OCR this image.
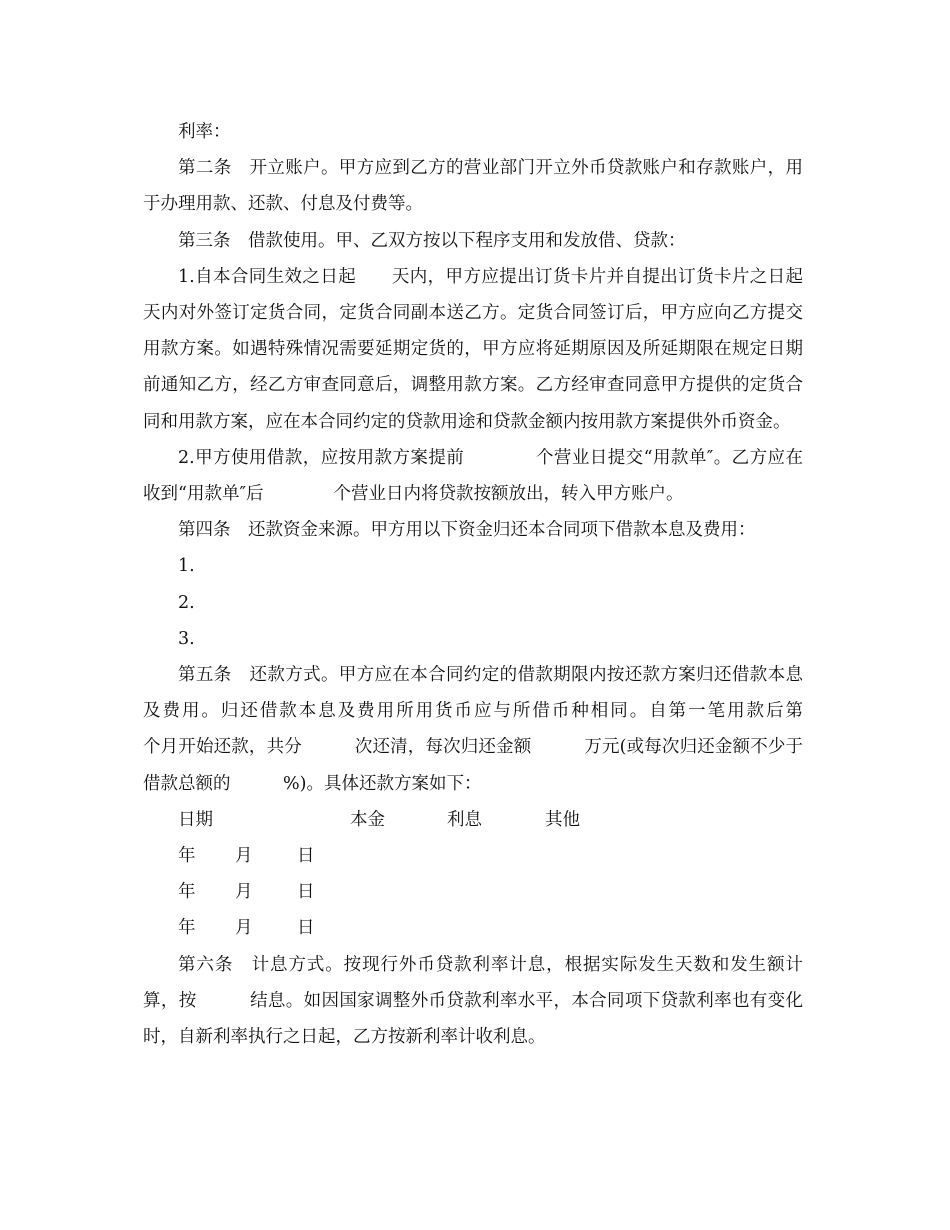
利率：

第二条　开立账户。甲方应到乙方的营业部门开立外币贷款账户和存款账户，用于办理用款、还款、付息及付费等。

第三条　借款使用。甲、乙双方按以下程序支用和发放借、贷款：

1.自本合同生效之日起　　天内，甲方应提出订货卡片并自提出订货卡片之日起　天内对外签订定货合同，定货合同副本送乙方。定货合同签订后，甲方应向乙方提交用款方案。如遇特殊情况需要延期定货的，甲方应将延期原因及所延期限在规定日期前通知乙方，经乙方审查同意后，调整用款方案。乙方经审查同意甲方提供的定货合同和用款方案，应在本合同约定的贷款用途和贷款金额内按用款方案提供外币资金。

2.甲方使用借款，应按用款方案提前　　　　个营业日提交“用款单″。乙方应在收到“用款单″后　　　　个营业日内将贷款按额放出，转入甲方账户。

第四条　还款资金来源。甲方用以下资金归还本合同项下借款本息及费用：

1.

2.

3.

第五条　还款方式。甲方应在本合同约定的借款期限内按还款方案归还借款本息及费用。归还借款本息及费用所用货币应与所借币种相同。自第一笔用款后第　　　个月开始还款，共分　　　次还清，每次归还金额　　　万元(或每次归还金额不少于借款总额的　　　%)。具体还款方案如下：

日期	本金	利息	其他
年	月	日
年	月	日
年	月	日

第六条　计息方式。按现行外币贷款利率计息，根据实际发生天数和发生额计算，按　　　结息。如因国家调整外币贷款利率水平，本合同项下贷款利率也有变化时，自新利率执行之日起，乙方按新利率计收利息。
